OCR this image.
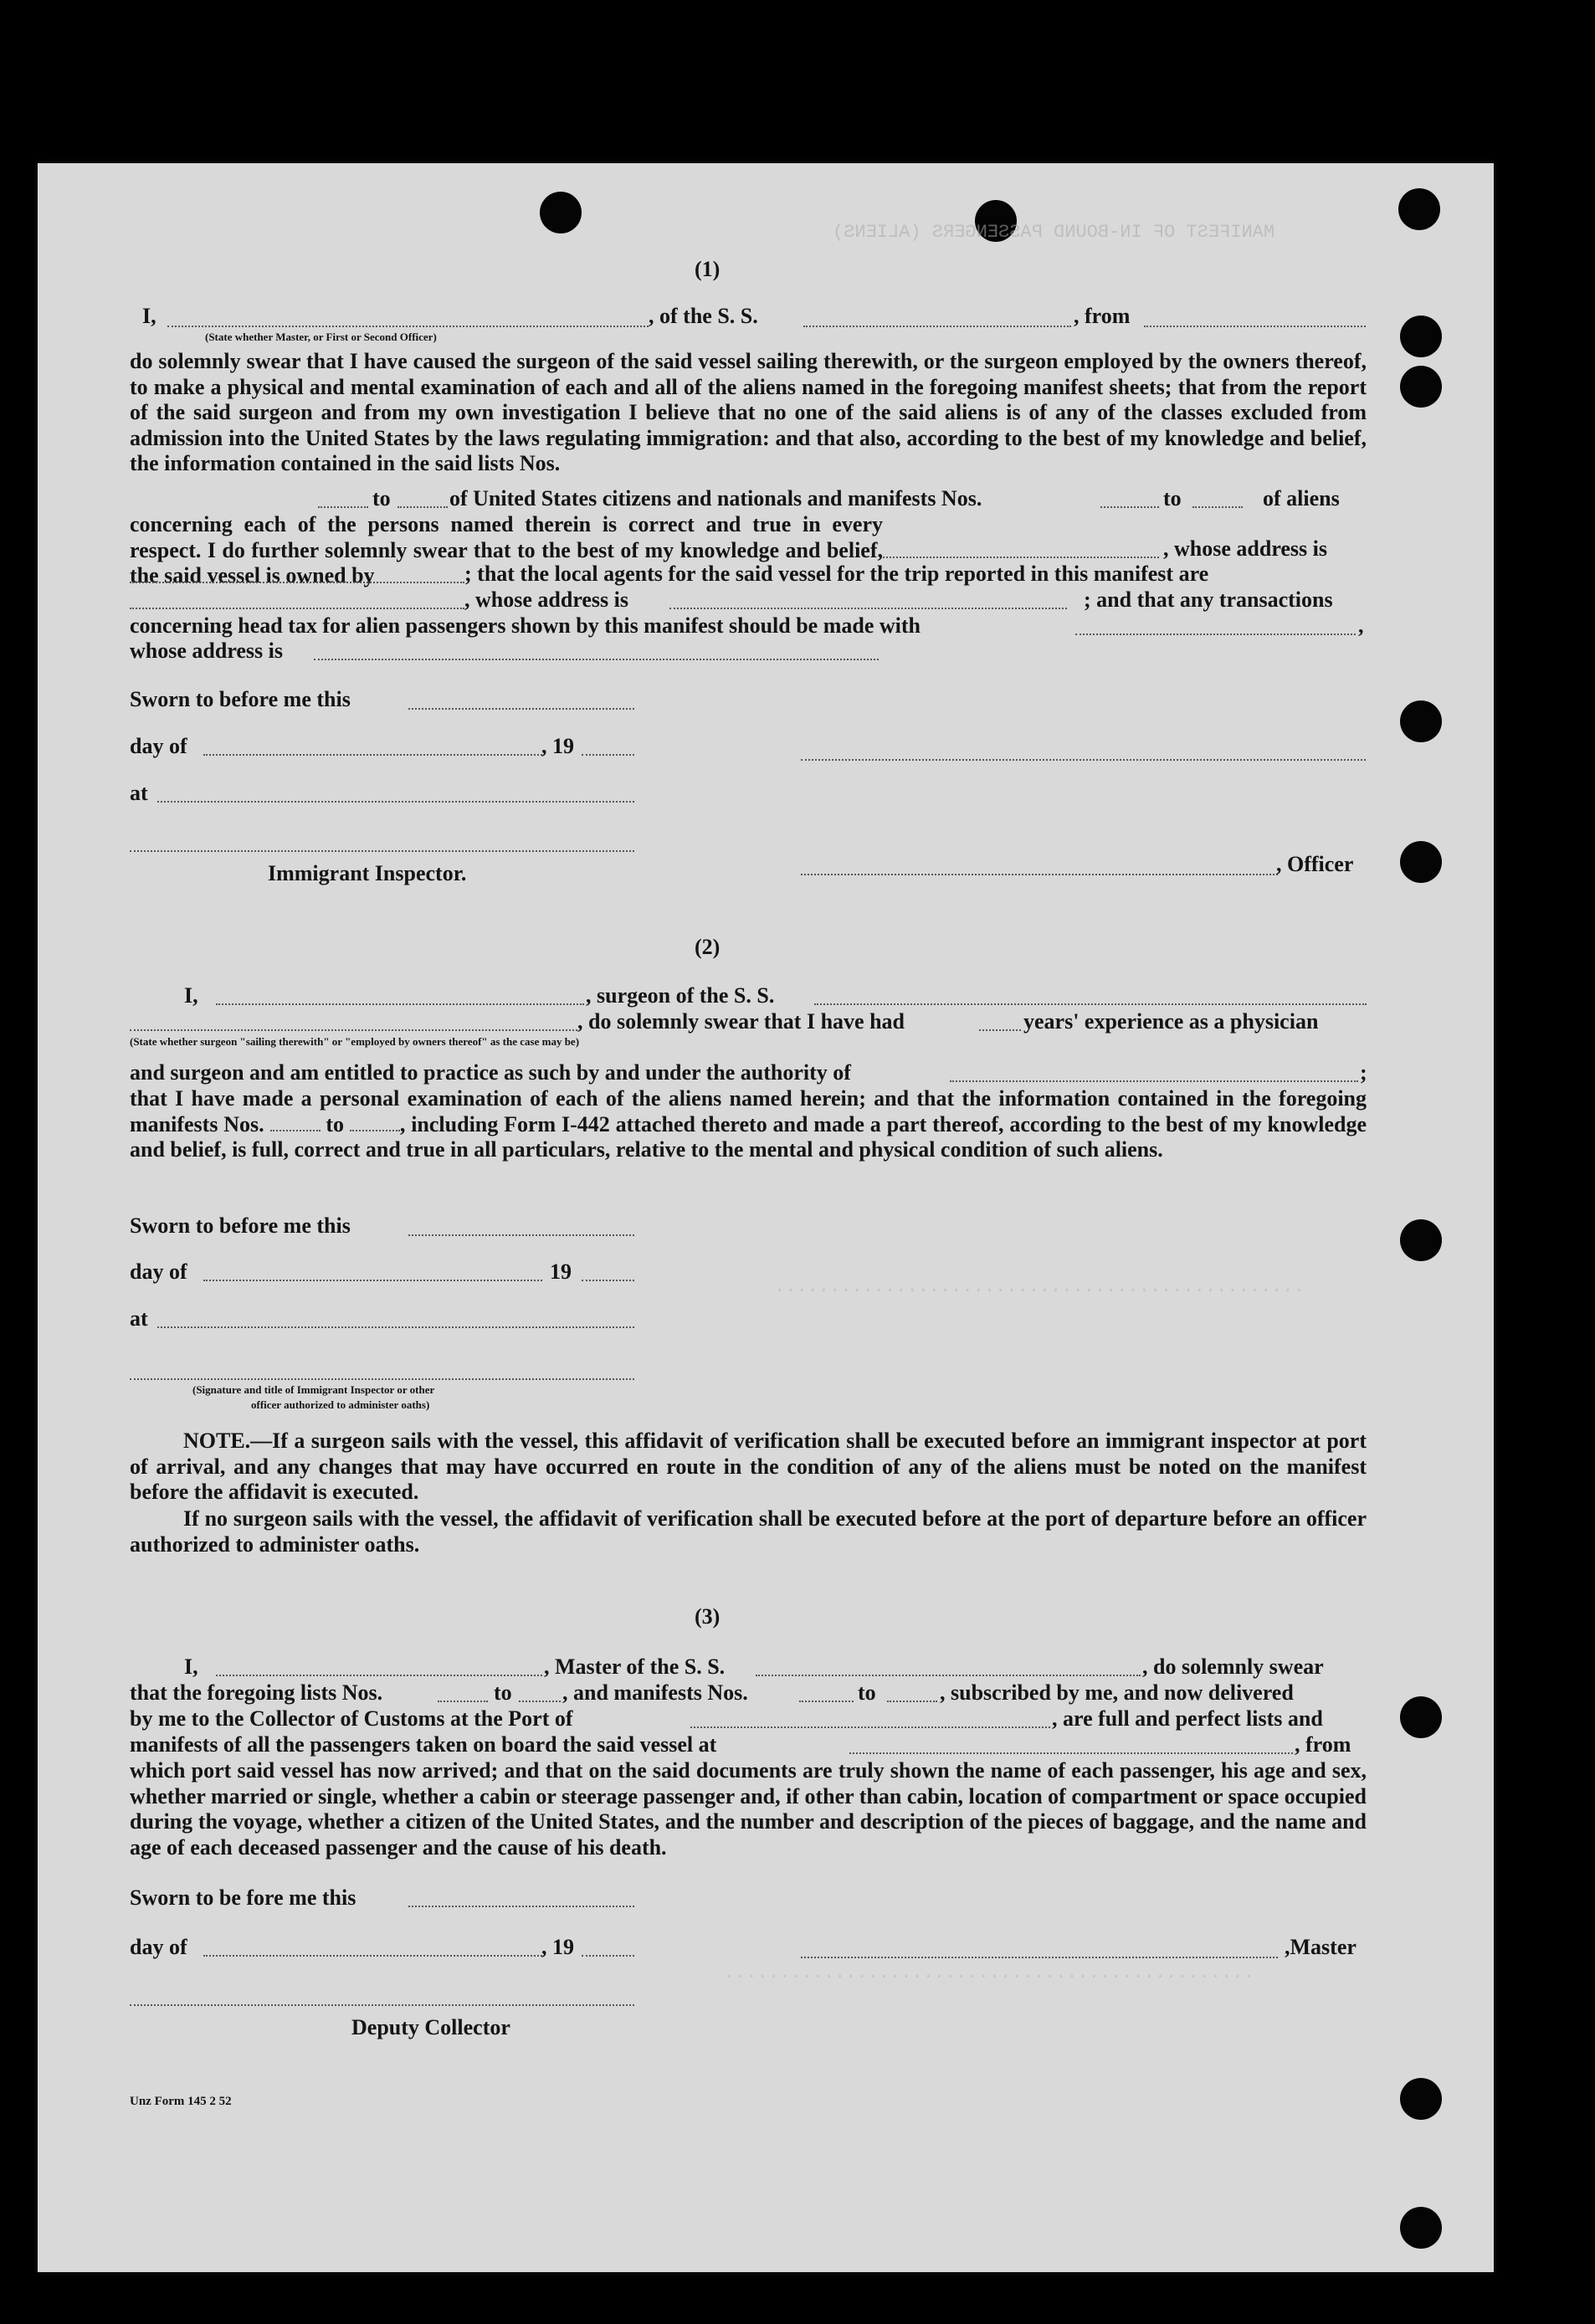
MANIFEST OF IN-BOUND PASSENGERS (ALIENS)
................................................
................................................
(1)
I,	, of the S. S.	, from
(State whether Master, or First or Second Officer)
do solemnly swear that I have caused the surgeon of the said vessel sailing therewith, or the surgeon employed by the owners thereof, to make a physical and mental examination of each and all of the aliens named in the foregoing manifest sheets; that from the report of the said surgeon and from my own investigation I believe that no one of the said aliens is of any of the classes excluded from admission into the United States by the laws regulating immigration: and that also, according to the best of my knowledge and belief, the information contained in the said lists Nos.
to	of United States citizens and nationals and manifests Nos.	to	of aliens
concerning each of the persons named therein is correct and true in every respect. I do further solemnly swear that to the best of my knowledge and belief, the said vessel is owned by
, whose address is
; that the local agents for the said vessel for the trip reported in this manifest are
, whose address is	; and that any transactions concerning head tax for alien passengers shown by this manifest should be made with	,
whose address is
Sworn to before me this
day of	, 19
at
Immigrant Inspector.	, Officer
(2)
I,	, surgeon of the S. S.
, do solemnly swear that I have had	years' experience as a physician
(State whether surgeon "sailing therewith" or "employed by owners thereof" as the case may be)
and surgeon and am entitled to practice as such by and under the authority of	;
that I have made a personal examination of each of the aliens named herein; and that the information contained in the foregoing manifests Nos.	to	, including Form I-442 attached thereto and made a part thereof, according to the best of my knowledge and belief, is full, correct and true in all particulars, relative to the mental and physical condition of such aliens.
Sworn to before me this
day of	19
at
(Signature and title of Immigrant Inspector or other
officer authorized to administer oaths)
NOTE.—If a surgeon sails with the vessel, this affidavit of verification shall be executed before an immigrant inspector at port of arrival, and any changes that may have occurred en route in the condition of any of the aliens must be noted on the manifest before the affidavit is executed.
If no surgeon sails with the vessel, the affidavit of verification shall be executed before at the port of departure before an officer authorized to administer oaths.
(3)
I,	, Master of the S. S.	, do solemnly swear
that the foregoing lists Nos.	to , and manifests Nos.	to	, subscribed by me, and now delivered
by me to the Collector of Customs at the Port of	, are full and perfect lists and
manifests of all the passengers taken on board the said vessel at	, from
which port said vessel has now arrived; and that on the said documents are truly shown the name of each passenger, his age and sex, whether married or single, whether a cabin or steerage passenger and, if other than cabin, location of compartment or space occupied during the voyage, whether a citizen of the United States, and the number and description of the pieces of baggage, and the name and age of each deceased passenger and the cause of his death.
Sworn to be fore me this
day of	, 19	,Master
Deputy Collector
Unz Form 145 2 52
